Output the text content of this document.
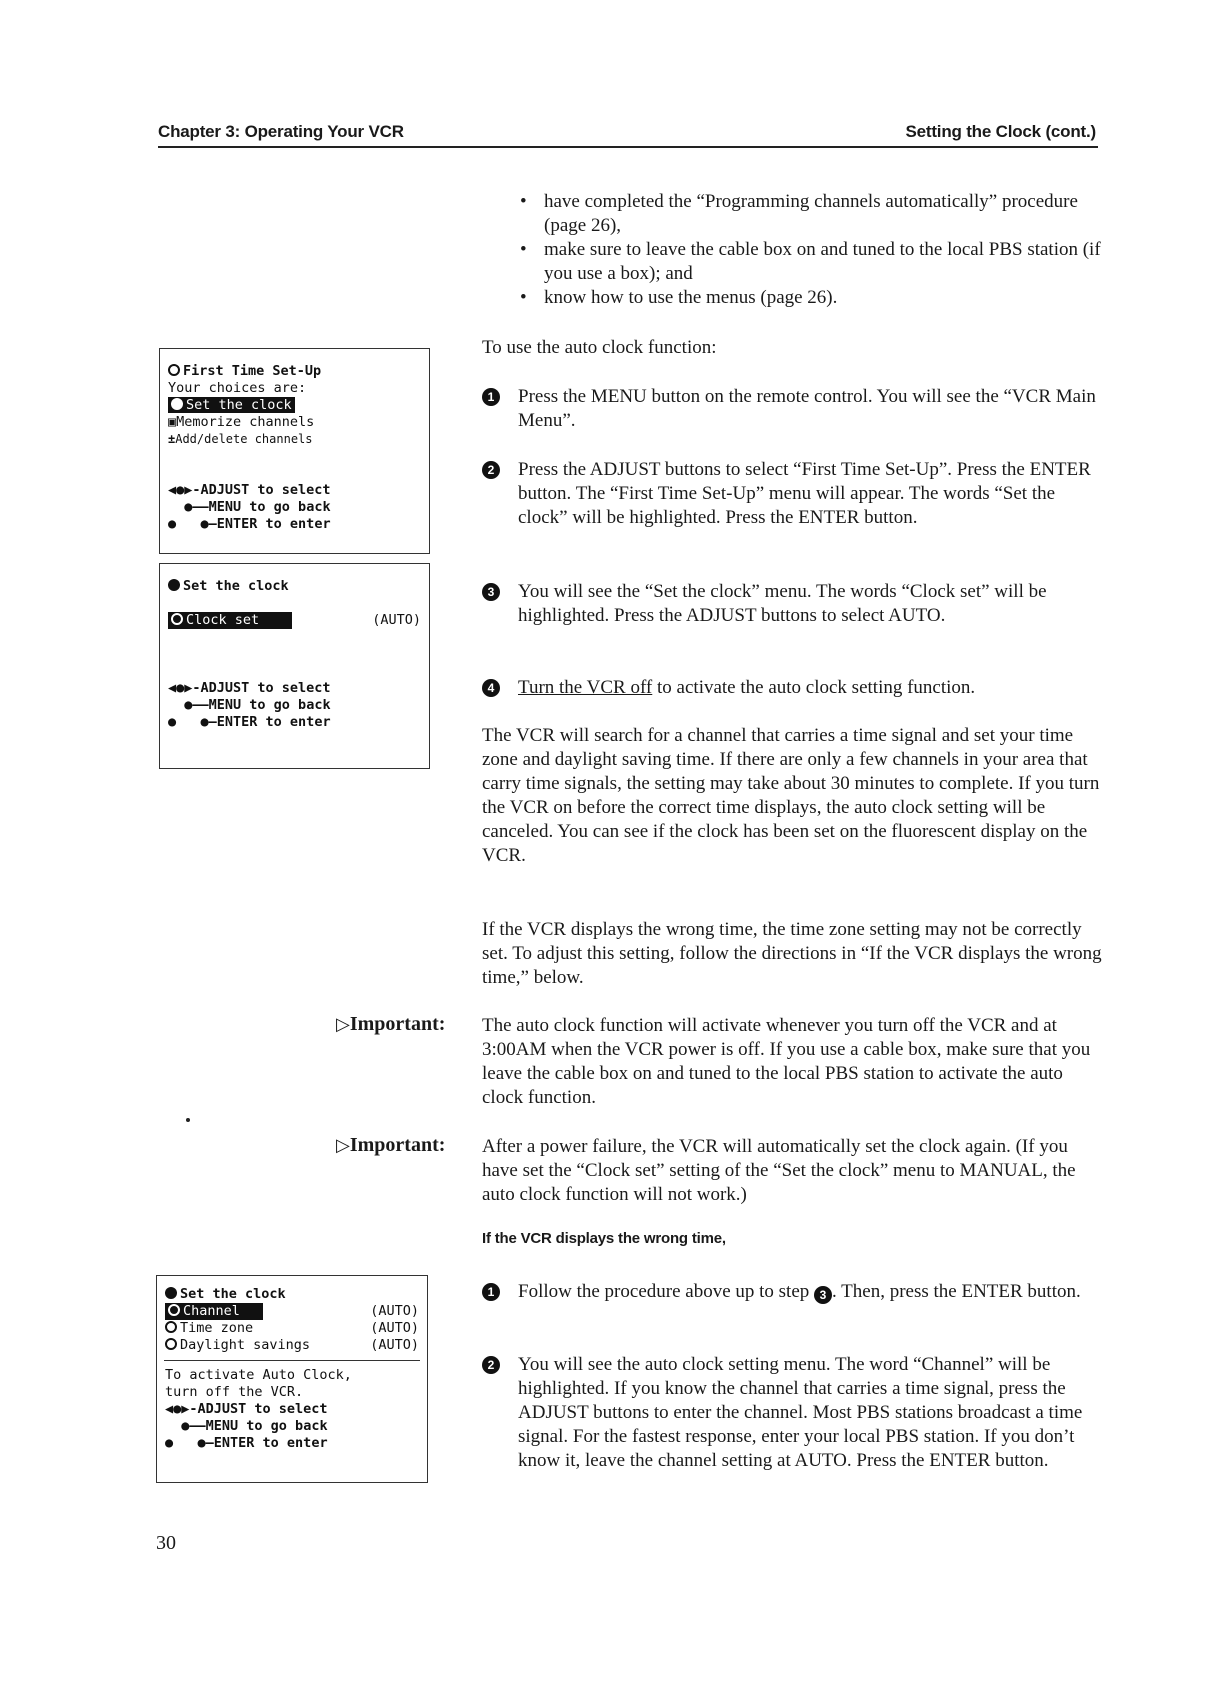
Chapter 3: Operating Your VCR	Setting the Clock (cont.)
• have completed the “Programming channels automatically” procedure (page 26),
• make sure to leave the cable box on and tuned to the local PBS station (if you use a box); and
• know how to use the menus (page 26).

To use the auto clock function:

1 Press the MENU button on the remote control. You will see the “VCR Main Menu”.
2 Press the ADJUST buttons to select “First Time Set-Up”. Press the ENTER button. The “First Time Set-Up” menu will appear. The words “Set the clock” will be highlighted. Press the ENTER button.
3 You will see the “Set the clock” menu. The words “Clock set” will be highlighted. Press the ADJUST buttons to select AUTO.
4 Turn the VCR off to activate the auto clock setting function.

The VCR will search for a channel that carries a time signal and set your time zone and daylight saving time. If there are only a few channels in your area that carry time signals, the setting may take about 30 minutes to complete. If you turn the VCR on before the correct time displays, the auto clock setting will be canceled. You can see if the clock has been set on the fluorescent display on the VCR.

If the VCR displays the wrong time, the time zone setting may not be correctly set. To adjust this setting, follow the directions in “If the VCR displays the wrong time,” below.

▷Important: The auto clock function will activate whenever you turn off the VCR and at 3:00AM when the VCR power is off. If you use a cable box, make sure that you leave the cable box on and tuned to the local PBS station to activate the auto clock function.

▷Important: After a power failure, the VCR will automatically set the clock again. (If you have set the “Clock set” setting of the “Set the clock” menu to MANUAL, the auto clock function will not work.)

If the VCR displays the wrong time,
1 Follow the procedure above up to step 3 . Then, press the ENTER button.
2 You will see the auto clock setting menu. The word “Channel” will be highlighted. If you know the channel that carries a time signal, press the ADJUST buttons to enter the channel. Most PBS stations broadcast a time signal. For the fastest response, enter your local PBS station. If you don’t know it, leave the channel setting at AUTO. Press the ENTER button.
30
First Time Set-Up
Your choices are:
Set the clock
▣Memorize channels
±Add/delete channels
◀●▶-ADJUST to select
●——MENU to go back
●   ●—ENTER to enter
Set the clock
Clock set	(AUTO)
◀●▶-ADJUST to select
●——MENU to go back
●   ●—ENTER to enter
Set the clock
Channel	(AUTO)
Time zone	(AUTO)
Daylight savings	(AUTO)
To activate Auto Clock,
turn off the VCR.
◀●▶-ADJUST to select
●——MENU to go back
●   ●—ENTER to enter
